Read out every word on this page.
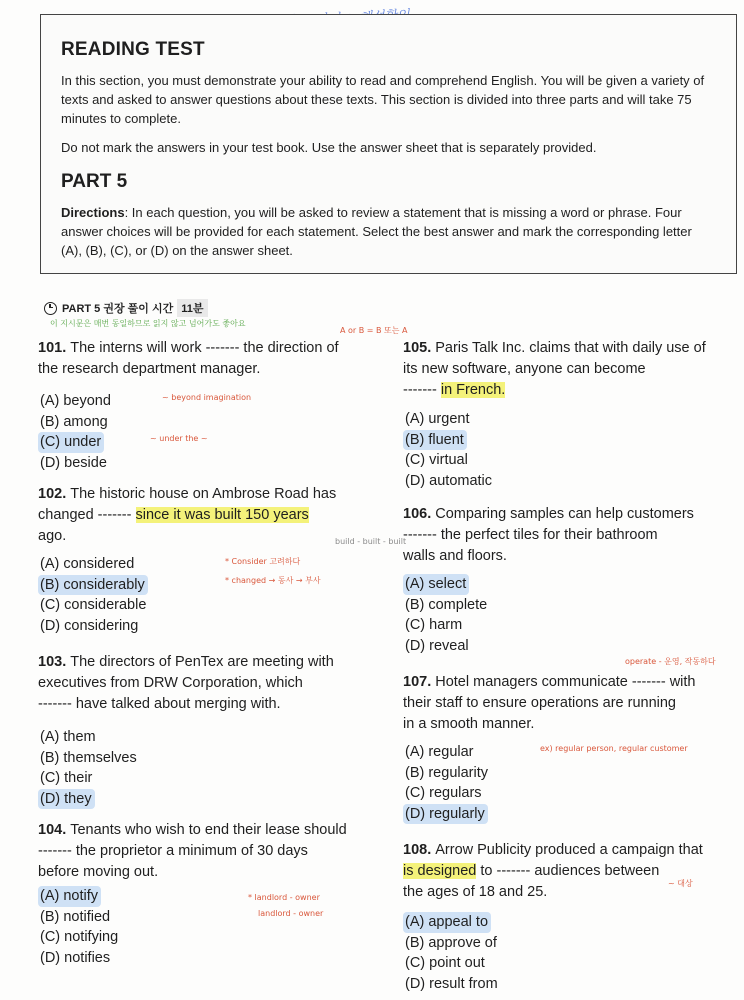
READING TEST

In this section, you must demonstrate your ability to read and comprehend English. You will be given a variety of texts and asked to answer questions about these texts. This section is divided into three parts and will take 75 minutes to complete.

Do not mark the answers in your test book. Use the answer sheet that is separately provided.

PART 5

Directions: In each question, you will be asked to review a statement that is missing a word or phrase. Four answer choices will be provided for each statement. Select the best answer and mark the corresponding letter (A), (B), (C), or (D) on the answer sheet.

PART 5 권장 풀이 시간 11분
이 지시문은 매번 동일하므로 읽지 않고 넘어가도 좋아요
A or B = B 또는 A

101. The interns will work ------- the direction of
the research department manager.

(A) beyond

(B) among

(C) under

(D) beside

~ beyond imagination
~ under the ~

102. The historic house on Ambrose Road has
changed ------- since it was built 150 years
ago.

(A) considered

(B) considerably

(C) considerable

(D) considering

build - built - built
* Consider 고려하다
* changed → 동사 → 부사

103. The directors of PenTex are meeting with
executives from DRW Corporation, which
------- have talked about merging with.

(A) them

(B) themselves

(C) their

(D) they

104. Tenants who wish to end their lease should
------- the proprietor a minimum of 30 days
before moving out.

(A) notify

(B) notified

(C) notifying

(D) notifies

* landlord - owner
landlord - owner

105. Paris Talk Inc. claims that with daily use of
its new software, anyone can become
------- in French.

(A) urgent

(B) fluent

(C) virtual

(D) automatic

106. Comparing samples can help customers
------- the perfect tiles for their bathroom
walls and floors.

(A) select

(B) complete

(C) harm

(D) reveal

operate - 운영, 작동하다

107. Hotel managers communicate ------- with
their staff to ensure operations are running
in a smooth manner.

(A) regular

(B) regularity

(C) regulars

(D) regularly

ex) regular person, regular customer

108. Arrow Publicity produced a campaign that
is designed to ------- audiences between
the ages of 18 and 25.

(A) appeal to

(B) approve of

(C) point out

(D) result from

~ 대상
